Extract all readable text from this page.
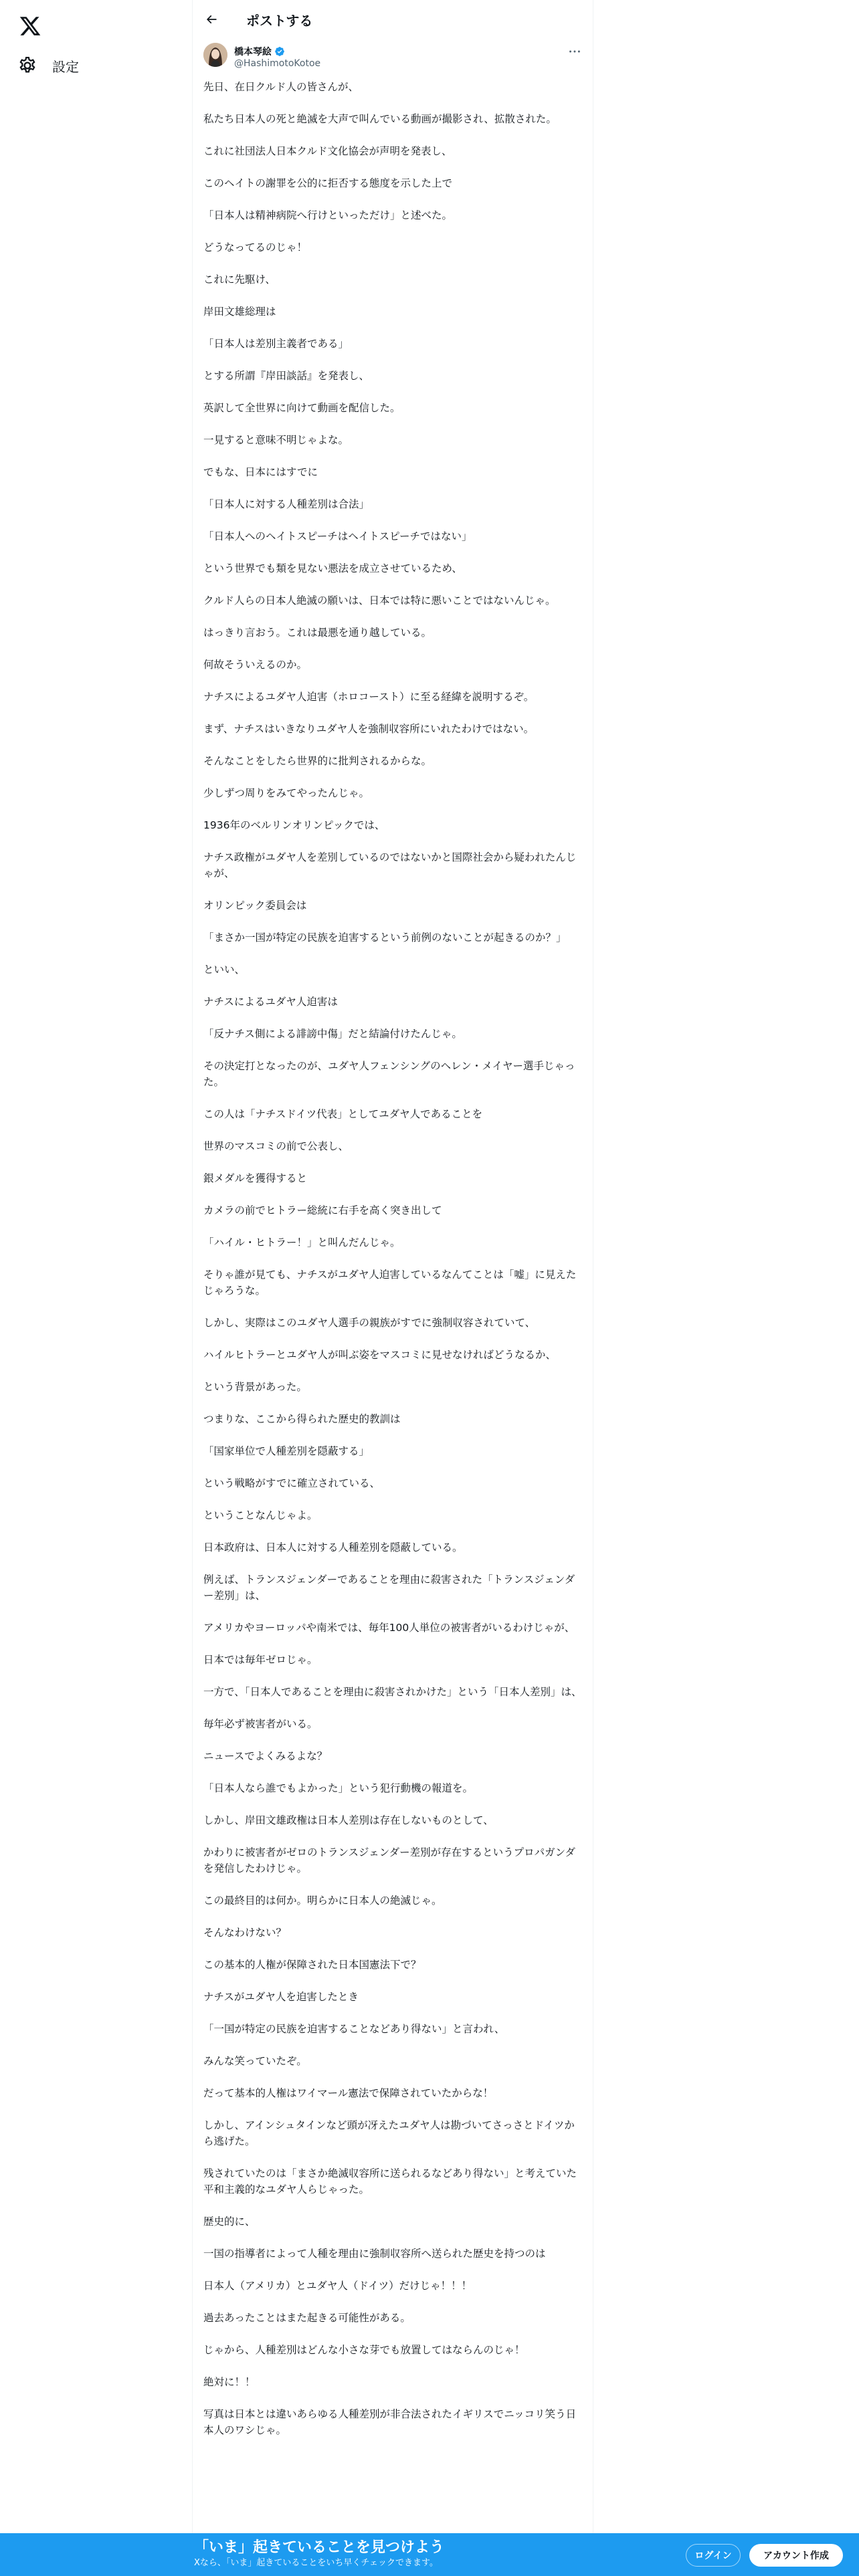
設定
ポストする
橋本琴絵
@HashimotoKotoe

先日、在日クルド人の皆さんが、

私たち日本人の死と絶滅を大声で叫んでいる動画が撮影され、拡散された。

これに社団法人日本クルド文化協会が声明を発表し、

このヘイトの謝罪を公的に拒否する態度を示した上で

「日本人は精神病院へ行けといっただけ」と述べた。

どうなってるのじゃ！

これに先駆け、

岸田文雄総理は

「日本人は差別主義者である」

とする所謂『岸田談話』を発表し、

英訳して全世界に向けて動画を配信した。

一見すると意味不明じゃよな。

でもな、日本にはすでに

「日本人に対する人種差別は合法」

「日本人へのヘイトスピーチはヘイトスピーチではない」

という世界でも類を見ない悪法を成立させているため、

クルド人らの日本人絶滅の願いは、日本では特に悪いことではないんじゃ。

はっきり言おう。これは最悪を通り越している。

何故そういえるのか。

ナチスによるユダヤ人迫害（ホロコースト）に至る経緯を説明するぞ。

まず、ナチスはいきなりユダヤ人を強制収容所にいれたわけではない。

そんなことをしたら世界的に批判されるからな。

少しずつ周りをみてやったんじゃ。

1936年のベルリンオリンピックでは、

ナチス政権がユダヤ人を差別しているのではないかと国際社会から疑われたんじゃが、

オリンピック委員会は

「まさか一国が特定の民族を迫害するという前例のないことが起きるのか？」

といい、

ナチスによるユダヤ人迫害は

「反ナチス側による誹謗中傷」だと結論付けたんじゃ。

その決定打となったのが、ユダヤ人フェンシングのヘレン・メイヤー選手じゃった。

この人は「ナチスドイツ代表」としてユダヤ人であることを

世界のマスコミの前で公表し、

銀メダルを獲得すると

カメラの前でヒトラー総統に右手を高く突き出して

「ハイル・ヒトラー！」と叫んだんじゃ。

そりゃ誰が見ても、ナチスがユダヤ人迫害しているなんてことは「嘘」に見えたじゃろうな。

しかし、実際はこのユダヤ人選手の親族がすでに強制収容されていて、

ハイルヒトラーとユダヤ人が叫ぶ姿をマスコミに見せなければどうなるか、

という背景があった。

つまりな、ここから得られた歴史的教訓は

「国家単位で人種差別を隠蔽する」

という戦略がすでに確立されている、

ということなんじゃよ。

日本政府は、日本人に対する人種差別を隠蔽している。

例えば、トランスジェンダーであることを理由に殺害された「トランスジェンダー差別」は、

アメリカやヨーロッパや南米では、毎年100人単位の被害者がいるわけじゃが、

日本では毎年ゼロじゃ。

一方で、「日本人であることを理由に殺害されかけた」という「日本人差別」は、

毎年必ず被害者がいる。

ニュースでよくみるよな？

「日本人なら誰でもよかった」という犯行動機の報道を。

しかし、岸田文雄政権は日本人差別は存在しないものとして、

かわりに被害者がゼロのトランスジェンダー差別が存在するというプロパガンダを発信したわけじゃ。

この最終目的は何か。明らかに日本人の絶滅じゃ。

そんなわけない？

この基本的人権が保障された日本国憲法下で？

ナチスがユダヤ人を迫害したとき

「一国が特定の民族を迫害することなどあり得ない」と言われ、

みんな笑っていたぞ。

だって基本的人権はワイマール憲法で保障されていたからな！

しかし、アインシュタインなど頭が冴えたユダヤ人は勘づいてさっさとドイツから逃げた。

残されていたのは「まさか絶滅収容所に送られるなどあり得ない」と考えていた平和主義的なユダヤ人らじゃった。

歴史的に、

一国の指導者によって人種を理由に強制収容所へ送られた歴史を持つのは

日本人（アメリカ）とユダヤ人（ドイツ）だけじゃ！！！

過去あったことはまた起きる可能性がある。

じゃから、人種差別はどんな小さな芽でも放置してはならんのじゃ！

絶対に！！

写真は日本とは違いあらゆる人種差別が非合法されたイギリスでニッコリ笑う日本人のワシじゃ。

「いま」起きていることを見つけよう
Xなら、「いま」起きていることをいち早くチェックできます。
ログイン	アカウント作成
